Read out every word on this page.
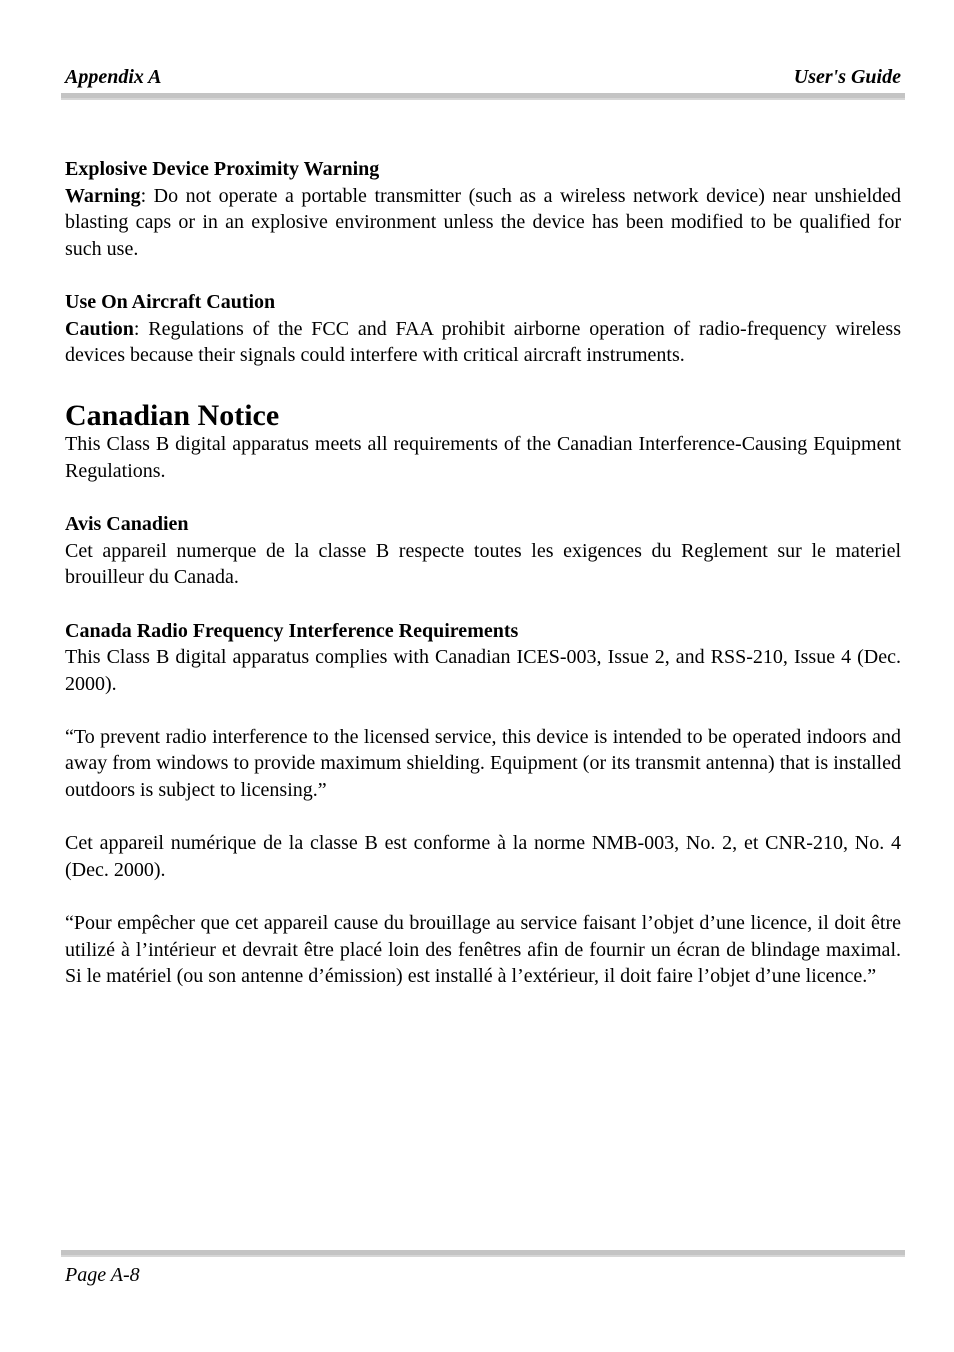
Appendix A	User's Guide
Explosive Device Proximity Warning

Warning: Do not operate a portable transmitter (such as a wireless network device) near unshielded blasting caps or in an explosive environment unless the device has been modified to be qualified for such use.

Use On Aircraft Caution

Caution: Regulations of the FCC and FAA prohibit airborne operation of radio-frequency wireless devices because their signals could interfere with critical aircraft instruments.

Canadian Notice

This Class B digital apparatus meets all requirements of the Canadian Interference-Causing Equipment Regulations.

Avis Canadien

Cet appareil numerque de la classe B respecte toutes les exigences du Reglement sur le materiel brouilleur du Canada.

Canada Radio Frequency Interference Requirements

This Class B digital apparatus complies with Canadian ICES-003, Issue 2, and RSS-210, Issue 4 (Dec. 2000).

“To prevent radio interference to the licensed service, this device is intended to be operated indoors and away from windows to provide maximum shielding. Equipment (or its transmit antenna) that is installed outdoors is subject to licensing.”

Cet appareil numérique de la classe B est conforme à la norme NMB-003, No. 2, et CNR-210, No. 4 (Dec. 2000).

“Pour empêcher que cet appareil cause du brouillage au service faisant l’objet d’une licence, il doit être utilizé à l’intérieur et devrait être placé loin des fenêtres afin de fournir un écran de blindage maximal. Si le matériel (ou son antenne d’émission) est installé à l’extérieur, il doit faire l’objet d’une licence.”

Page A-8
